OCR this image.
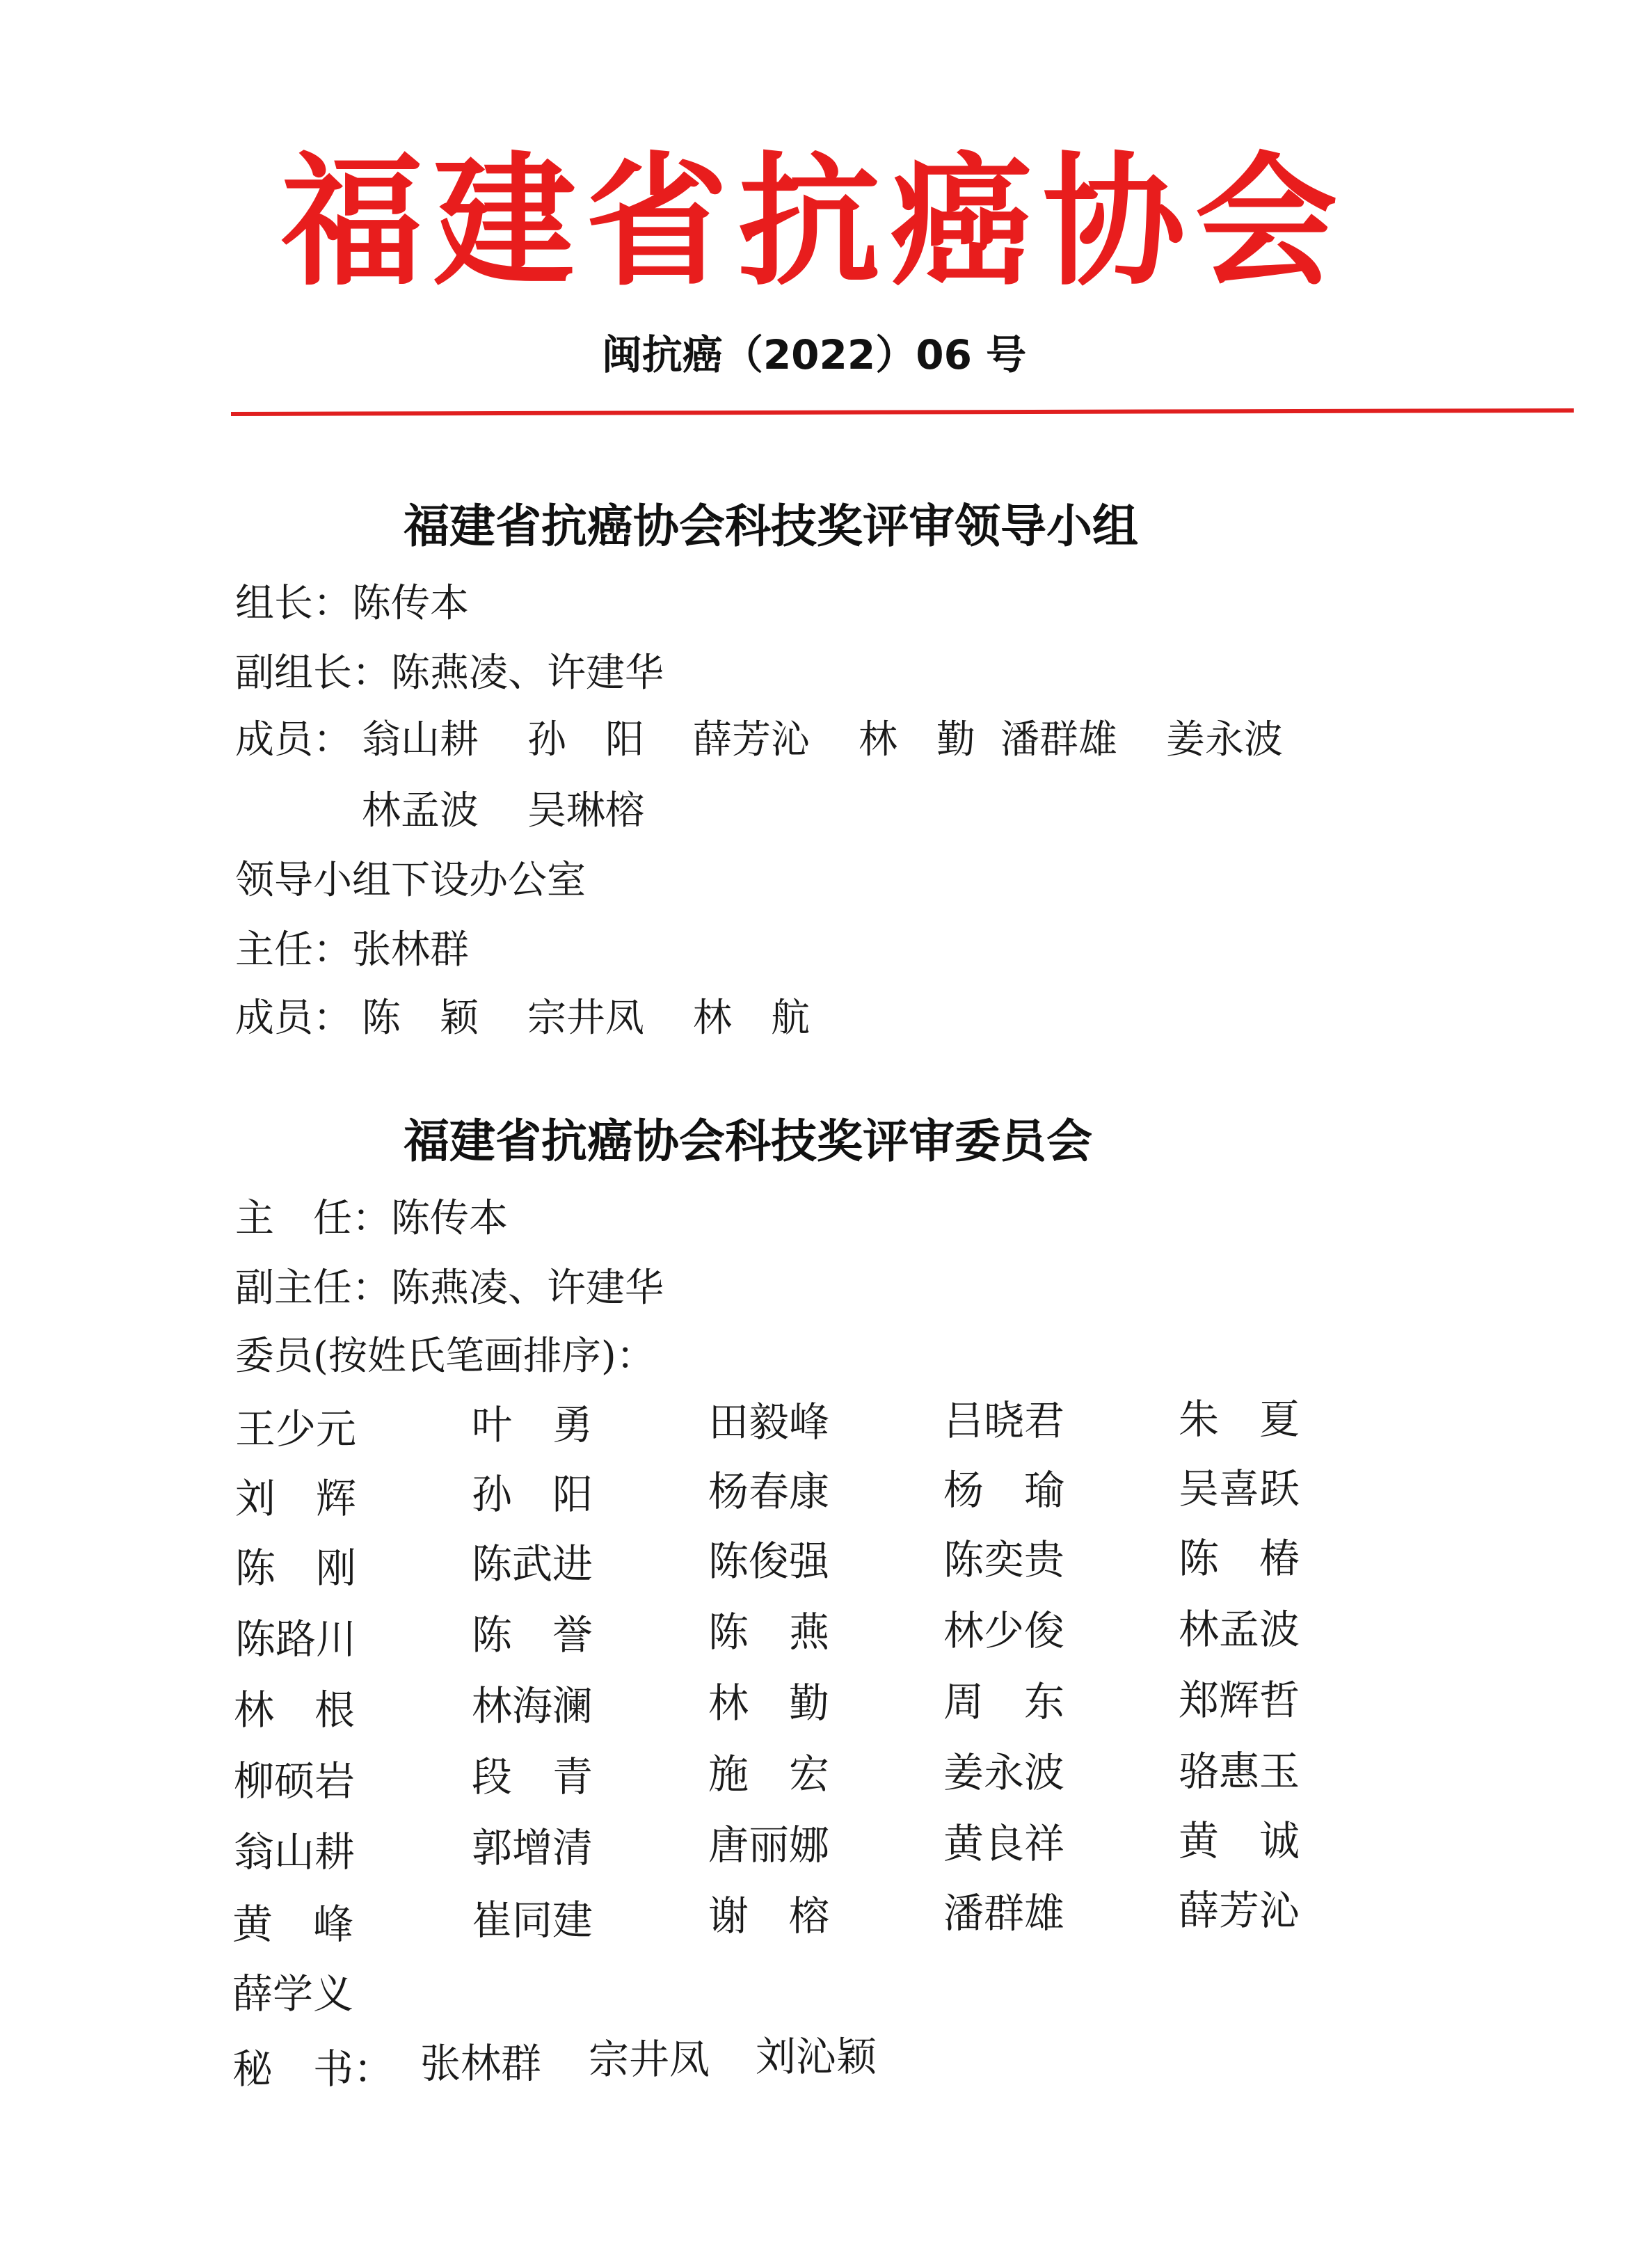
福建省抗癌协会
闽抗癌（2022）06 号
福建省抗癌协会科技奖评审领导小组
组长：陈传本
副组长：陈燕凌、许建华
成员： 翁山耕 孙　阳 薛芳沁 林　勤 潘群雄 姜永波
林孟波 吴琳榕
领导小组下设办公室
主任：张林群
成员： 陈　颖 宗井凤 林　航
福建省抗癌协会科技奖评审委员会
主　任：陈传本
副主任：陈燕凌、许建华
委员(按姓氏笔画排序)：
王少元	叶　勇	田毅峰	吕晓君	朱　夏
刘　辉	孙　阳	杨春康	杨　瑜	吴喜跃
陈　刚	陈武进	陈俊强	陈奕贵	陈　椿
陈路川	陈　誉	陈　燕	林少俊	林孟波
林　根	林海澜	林　勤	周　东	郑辉哲
柳硕岩	段　青	施　宏	姜永波	骆惠玉
翁山耕	郭增清	唐丽娜	黄良祥	黄　诚
黄　峰	崔同建	谢　榕	潘群雄	薛芳沁
薛学义
秘　书： 张林群 宗井凤 刘沁颖
